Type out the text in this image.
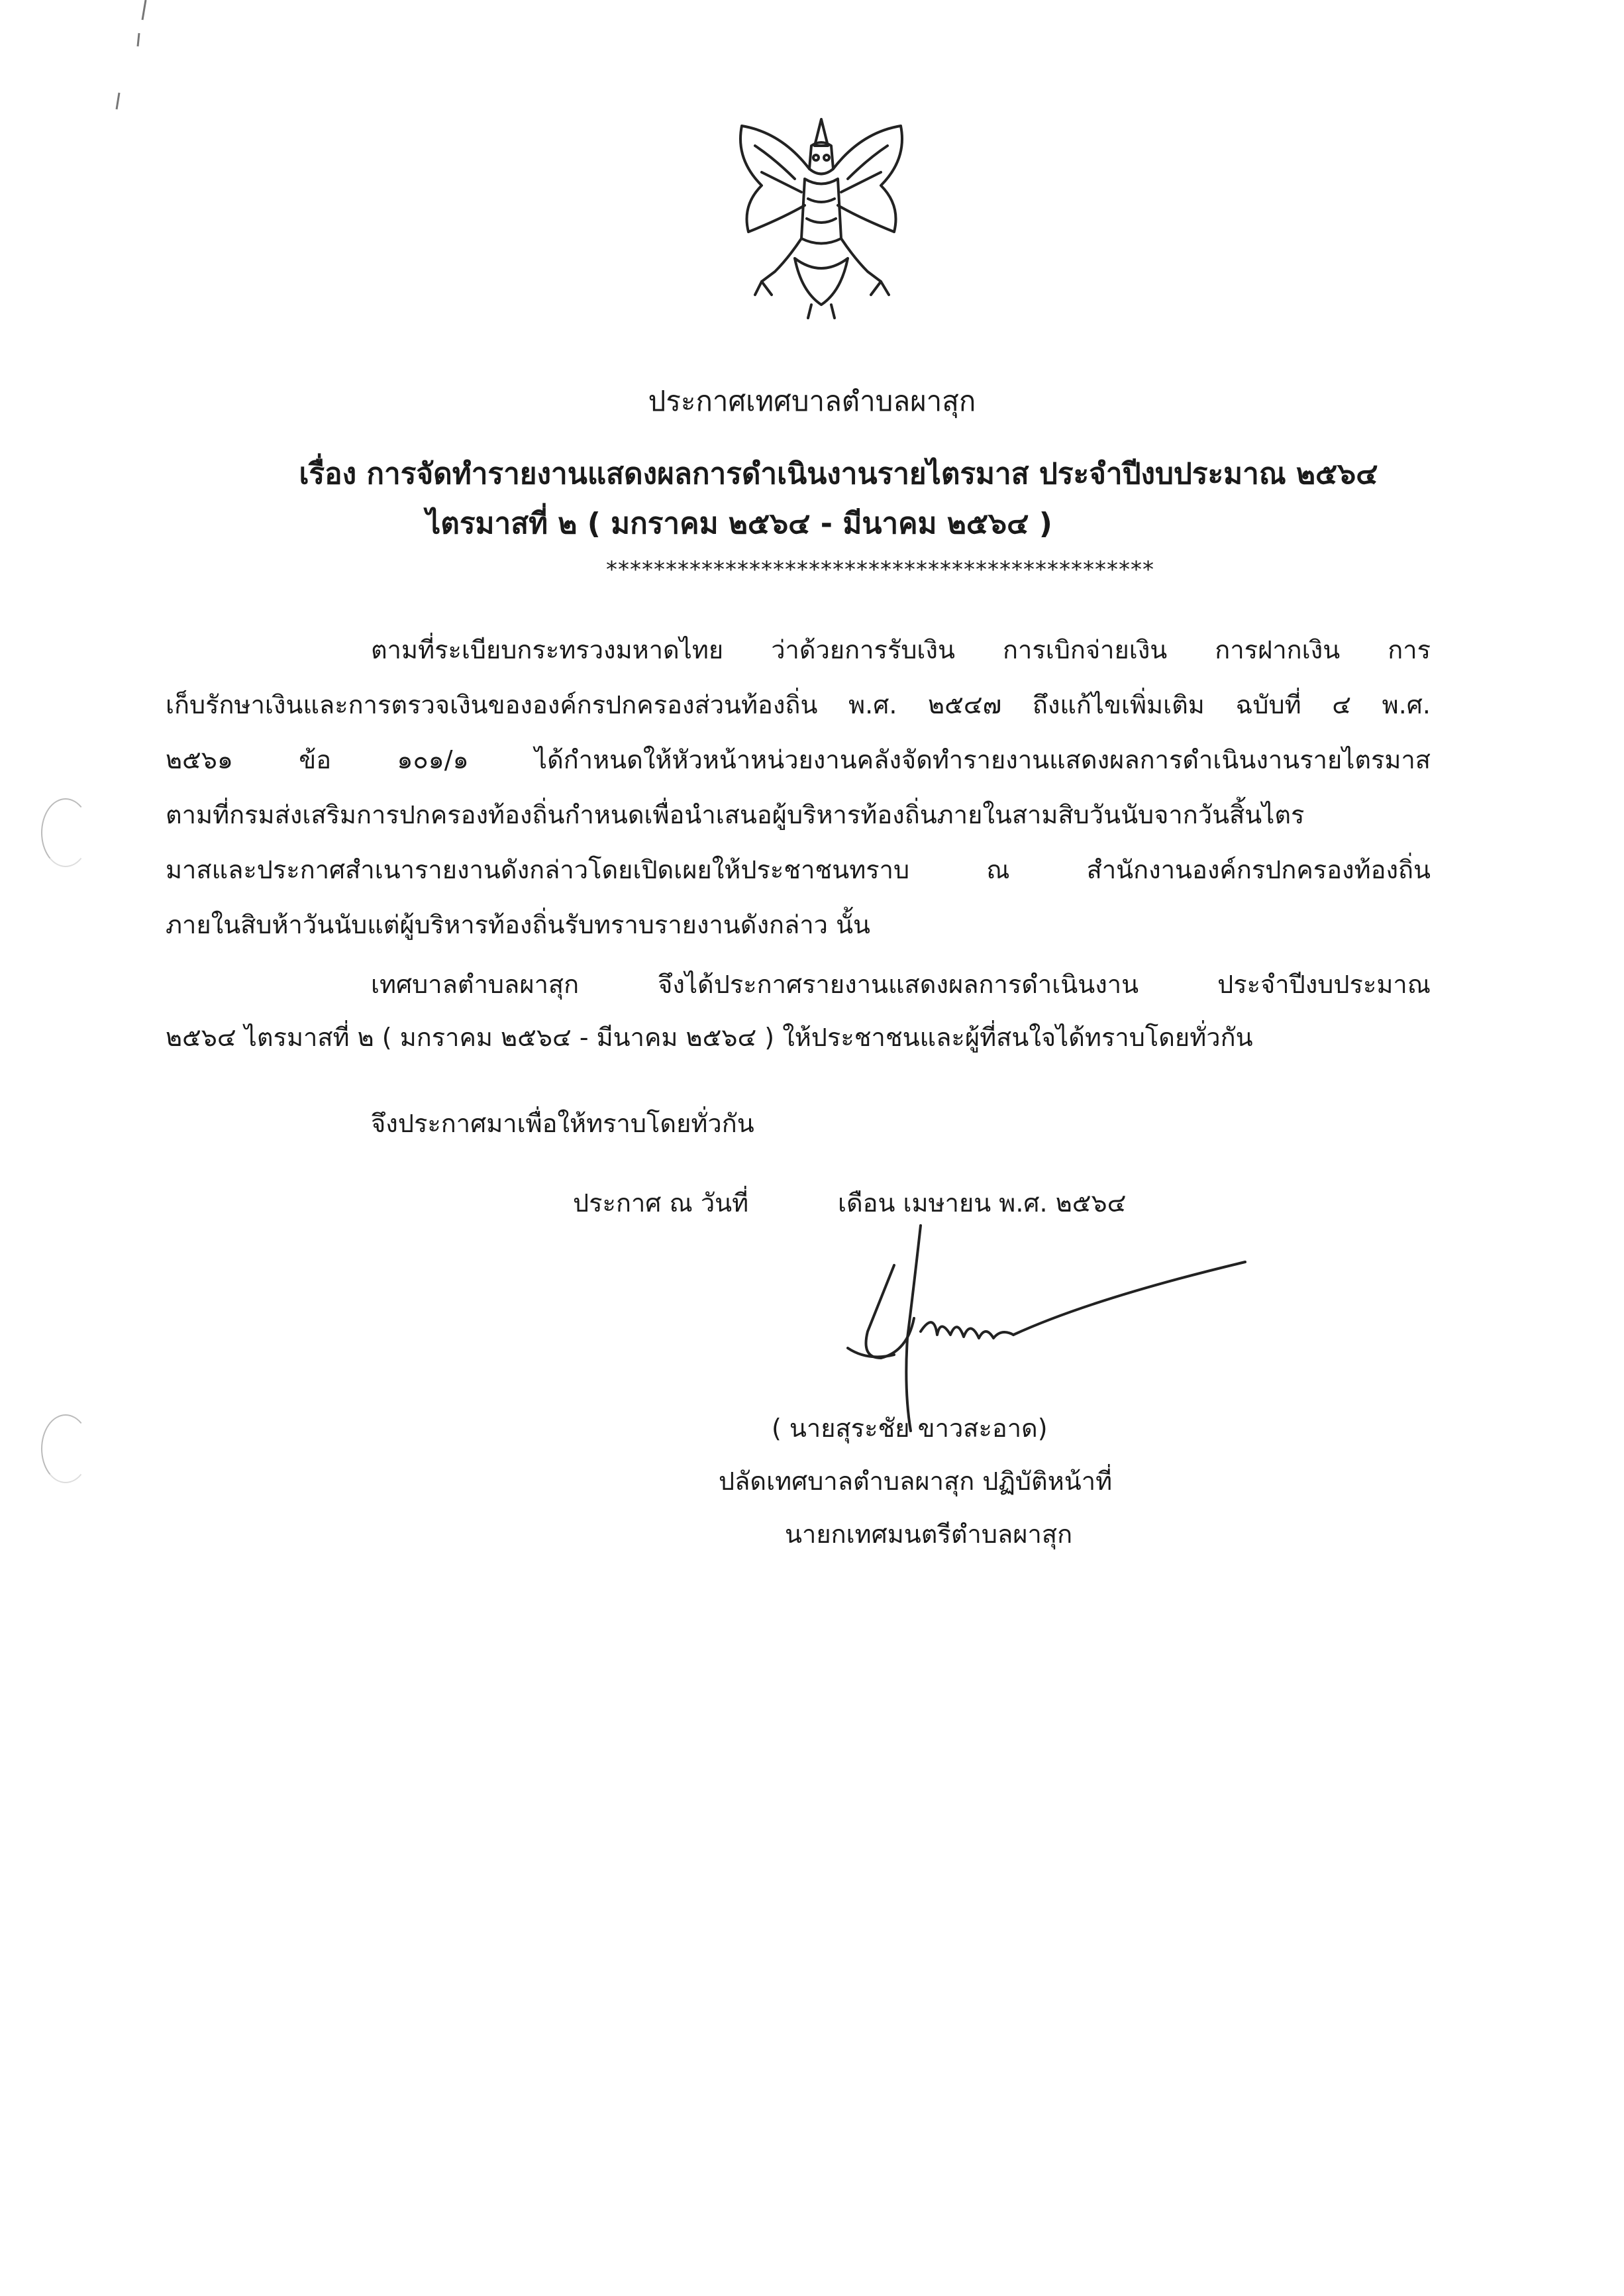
ประกาศเทศบาลตำบลผาสุก
เรื่อง การจัดทำรายงานแสดงผลการดำเนินงานรายไตรมาส ประจำปีงบประมาณ ๒๕๖๔
ไตรมาสที่ ๒ ( มกราคม ๒๕๖๔ - มีนาคม ๒๕๖๔ )
**********************************************
ตามที่ระเบียบกระทรวงมหาดไทย ว่าด้วยการรับเงิน การเบิกจ่ายเงิน การฝากเงิน การ
เก็บรักษาเงินและการตรวจเงินขององค์กรปกครองส่วนท้องถิ่น พ.ศ. ๒๕๔๗ ถึงแก้ไขเพิ่มเติม ฉบับที่ ๔ พ.ศ.
๒๕๖๑ ข้อ ๑๐๑/๑ ได้กำหนดให้หัวหน้าหน่วยงานคลังจัดทำรายงานแสดงผลการดำเนินงานรายไตรมาส
ตามที่กรมส่งเสริมการปกครองท้องถิ่นกำหนดเพื่อนำเสนอผู้บริหารท้องถิ่นภายในสามสิบวันนับจากวันสิ้นไตร
มาสและประกาศสำเนารายงานดังกล่าวโดยเปิดเผยให้ประชาชนทราบ ณ สำนักงานองค์กรปกครองท้องถิ่น
ภายในสิบห้าวันนับแต่ผู้บริหารท้องถิ่นรับทราบรายงานดังกล่าว นั้น
เทศบาลตำบลผาสุก จึงได้ประกาศรายงานแสดงผลการดำเนินงาน ประจำปีงบประมาณ
๒๕๖๔ ไตรมาสที่ ๒ ( มกราคม ๒๕๖๔ - มีนาคม ๒๕๖๔ ) ให้ประชาชนและผู้ที่สนใจได้ทราบโดยทั่วกัน
จึงประกาศมาเพื่อให้ทราบโดยทั่วกัน
ประกาศ ณ วันที่	เดือน เมษายน พ.ศ. ๒๕๖๔
( นายสุระชัย ขาวสะอาด)
ปลัดเทศบาลตำบลผาสุก ปฏิบัติหน้าที่
นายกเทศมนตรีตำบลผาสุก
